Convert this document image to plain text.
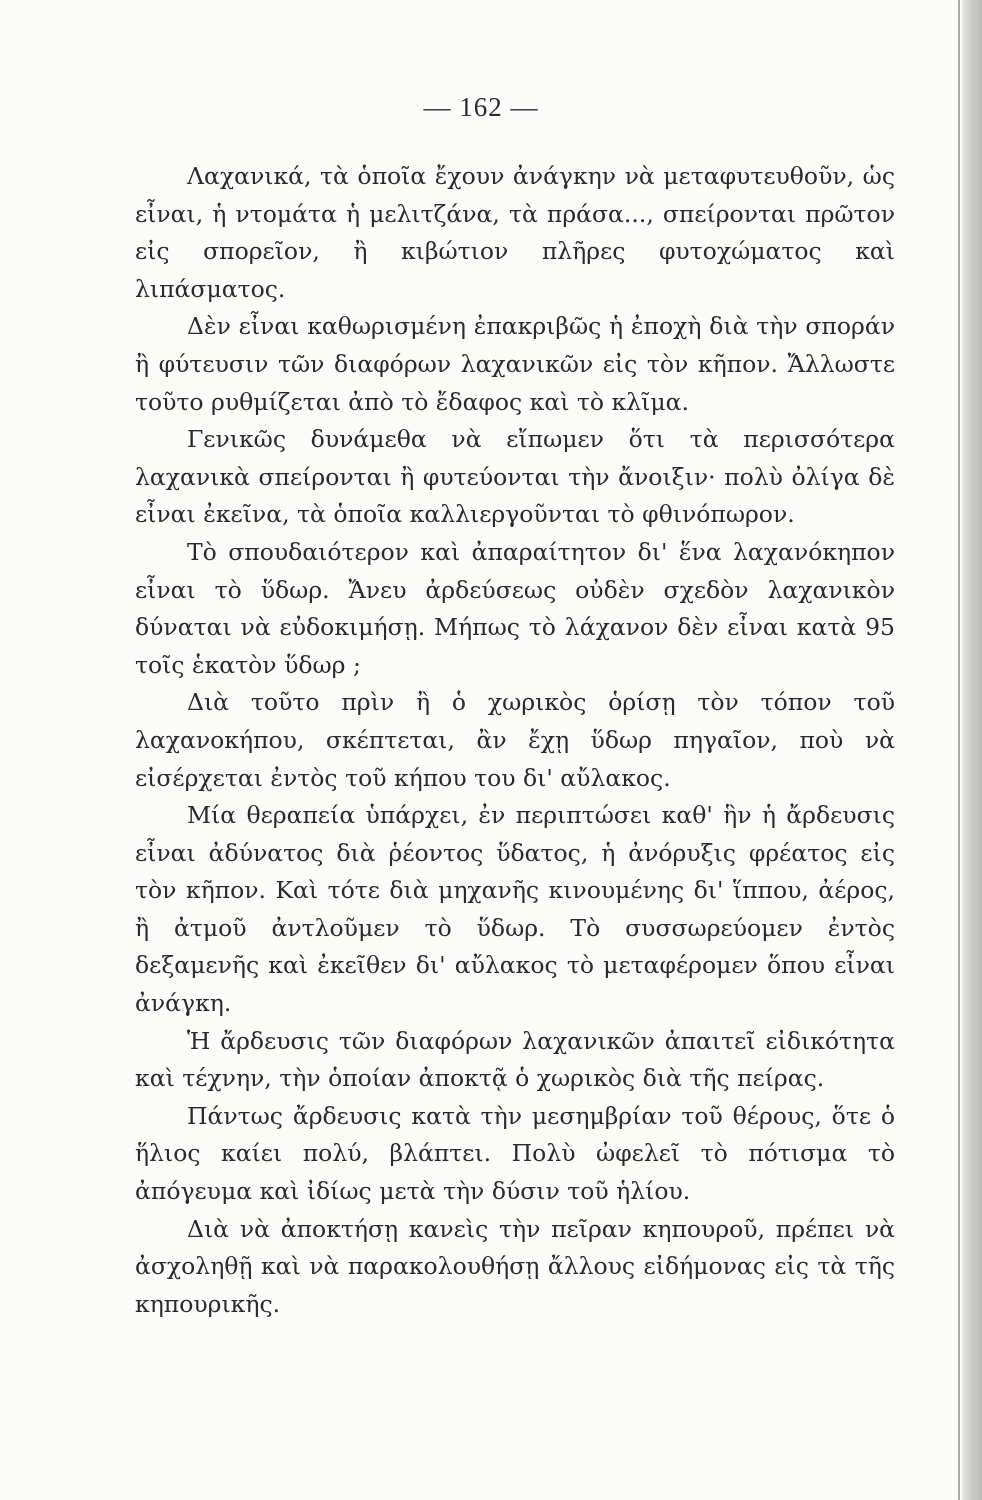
— 162 —

Λαχανικά, τὰ ὁποῖα ἔχουν ἀνάγκην νὰ μεταφυτευθοῦν, ὡς εἶναι, ἡ ντομάτα ἡ μελιτζάνα, τὰ πράσα..., σπείρονται πρῶτον εἰς σπορεῖον, ἢ κιβώτιον πλῆρες φυτοχώματος καὶ λιπάσματος.

Δὲν εἶναι καθωρισμένη ἐπακριβῶς ἡ ἐποχὴ διὰ τὴν σποράν ἢ φύτευσιν τῶν διαφόρων λαχανικῶν εἰς τὸν κῆπον. Ἄλλωστε τοῦτο ρυθμίζεται ἀπὸ τὸ ἔδαφος καὶ τὸ κλῖμα.

Γενικῶς δυνάμεθα νὰ εἴπωμεν ὅτι τὰ περισσότερα λαχανικὰ σπείρονται ἢ φυτεύονται τὴν ἄνοιξιν· πολὺ ὀλίγα δὲ εἶναι ἐκεῖνα, τὰ ὁποῖα καλλιεργοῦνται τὸ φθινόπωρον.

Τὸ σπουδαιότερον καὶ ἀπαραίτητον δι' ἕνα λαχανόκηπον εἶναι τὸ ὕδωρ. Ἄνευ ἀρδεύσεως οὐδὲν σχεδὸν λαχανικὸν δύναται νὰ εὐδοκιμήσῃ. Μήπως τὸ λάχανον δὲν εἶναι κατὰ 95 τοῖς ἑκατὸν ὕδωρ ;

Διὰ τοῦτο πρὶν ἢ ὁ χωρικὸς ὁρίσῃ τὸν τόπον τοῦ λαχανοκήπου, σκέπτεται, ἂν ἔχῃ ὕδωρ πηγαῖον, ποὺ νὰ εἰσέρχεται ἐντὸς τοῦ κήπου του δι' αὔλακος.

Μία θεραπεία ὑπάρχει, ἐν περιπτώσει καθ' ἣν ἡ ἄρδευσις εἶναι ἀδύνατος διὰ ῥέοντος ὕδατος, ἡ ἀνόρυξις φρέατος εἰς τὸν κῆπον. Καὶ τότε διὰ μηχανῆς κινουμένης δι' ἵππου, ἀέρος, ἢ ἀτμοῦ ἀντλοῦμεν τὸ ὕδωρ. Τὸ συσσωρεύομεν ἐντὸς δεξαμενῆς καὶ ἐκεῖθεν δι' αὔλακος τὸ μεταφέρομεν ὅπου εἶναι ἀνάγκη.

Ἡ ἄρδευσις τῶν διαφόρων λαχανικῶν ἀπαιτεῖ εἰδικότητα καὶ τέχνην, τὴν ὁποίαν ἀποκτᾷ ὁ χωρικὸς διὰ τῆς πείρας.

Πάντως ἄρδευσις κατὰ τὴν μεσημβρίαν τοῦ θέρους, ὅτε ὁ ἥλιος καίει πολύ, βλάπτει. Πολὺ ὠφελεῖ τὸ πότισμα τὸ ἀπόγευμα καὶ ἰδίως μετὰ τὴν δύσιν τοῦ ἡλίου.

Διὰ νὰ ἀποκτήσῃ κανεὶς τὴν πεῖραν κηπουροῦ, πρέπει νὰ ἀσχοληθῇ καὶ νὰ παρακολουθήσῃ ἄλλους εἰδήμονας εἰς τὰ τῆς κηπουρικῆς.
